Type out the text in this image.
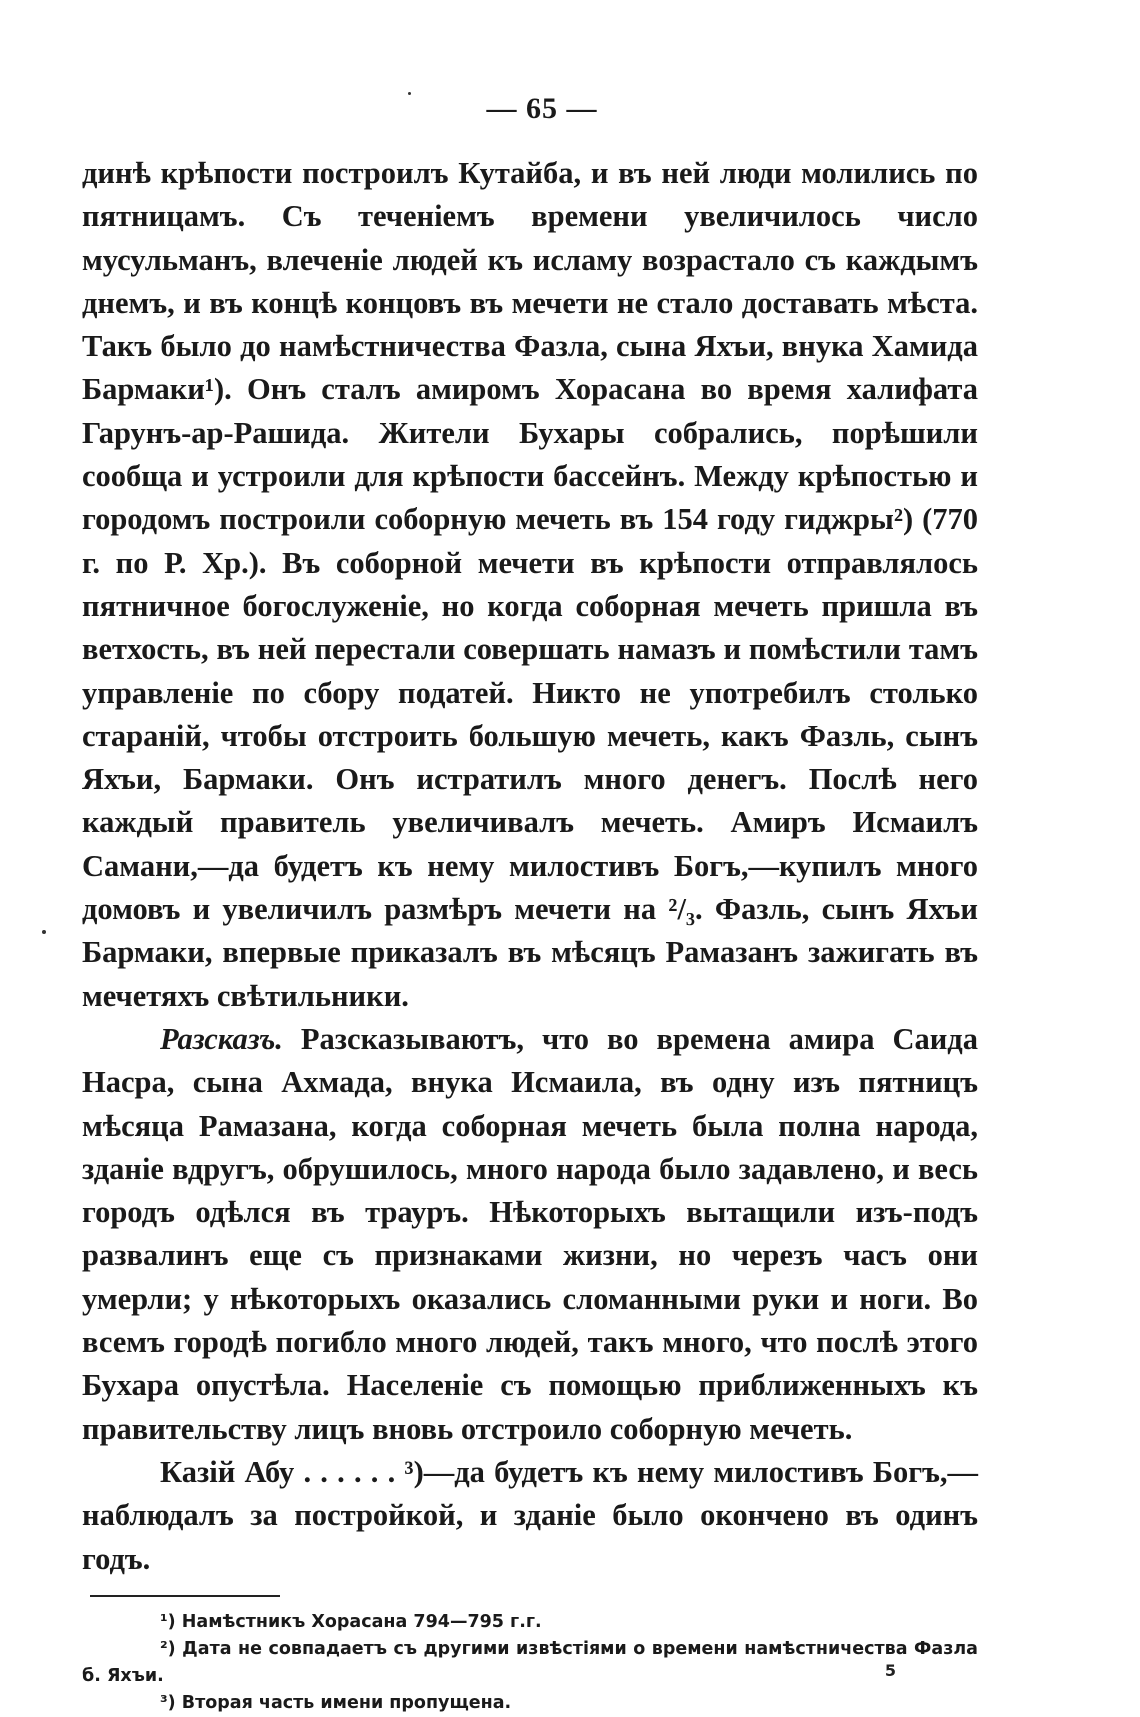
— 65 —

динѣ крѣпости построилъ Кутайба, и въ ней люди молились по пятницамъ. Съ теченіемъ времени увеличилось число мусульманъ, влеченіе людей къ исламу возрастало съ каждымъ днемъ, и въ концѣ концовъ въ мечети не стало доставать мѣста. Такъ было до намѣстничества Фазла, сына Яхъи, внука Хамида Бармаки¹). Онъ сталъ амиромъ Хорасана во время халифата Гарунъ-ар-Рашида. Жители Бухары собрались, порѣшили сообща и устроили для крѣпости бассейнъ. Между крѣпостью и городомъ построили соборную мечеть въ 154 году гиджры²) (770 г. по Р. Хр.). Въ соборной мечети въ крѣпости отправлялось пятничное богослуженіе, но когда соборная мечеть пришла въ ветхость, въ ней перестали совершать намазъ и помѣстили тамъ управленіе по сбору податей. Никто не употребилъ столько стараній, чтобы отстроить большую мечеть, какъ Фазль, сынъ Яхъи, Бармаки. Онъ истратилъ много денегъ. Послѣ него каждый правитель увеличивалъ мечеть. Амиръ Исмаилъ Самани,—да будетъ къ нему милостивъ Богъ,—купилъ много домовъ и увеличилъ размѣръ мечети на ²/₃. Фазль, сынъ Яхъи Бармаки, впервые приказалъ въ мѣсяцъ Рамазанъ зажигать въ мечетяхъ свѣтильники.

Разсказъ. Разсказываютъ, что во времена амира Саида Насра, сына Ахмада, внука Исмаила, въ одну изъ пятницъ мѣсяца Рамазана, когда соборная мечеть была полна народа, зданіе вдругъ, обрушилось, много народа было задавлено, и весь городъ одѣлся въ трауръ. Нѣкоторыхъ вытащили изъ-подъ развалинъ еще съ признаками жизни, но черезъ часъ они умерли; у нѣкоторыхъ оказались сломанными руки и ноги. Во всемъ городѣ погибло много людей, такъ много, что послѣ этого Бухара опустѣла. Населеніе съ помощью приближенныхъ къ правительству лицъ вновь отстроило соборную мечеть.

Казій Абу . . . . . . ³)—да будетъ къ нему милостивъ Богъ,—наблюдалъ за постройкой, и зданіе было окончено въ одинъ годъ.

¹) Намѣстникъ Хорасана 794—795 г.г.

²) Дата не совпадаетъ съ другими извѣстіями о времени намѣстничества Фазла б. Яхъи.

³) Вторая часть имени пропущена.

5
